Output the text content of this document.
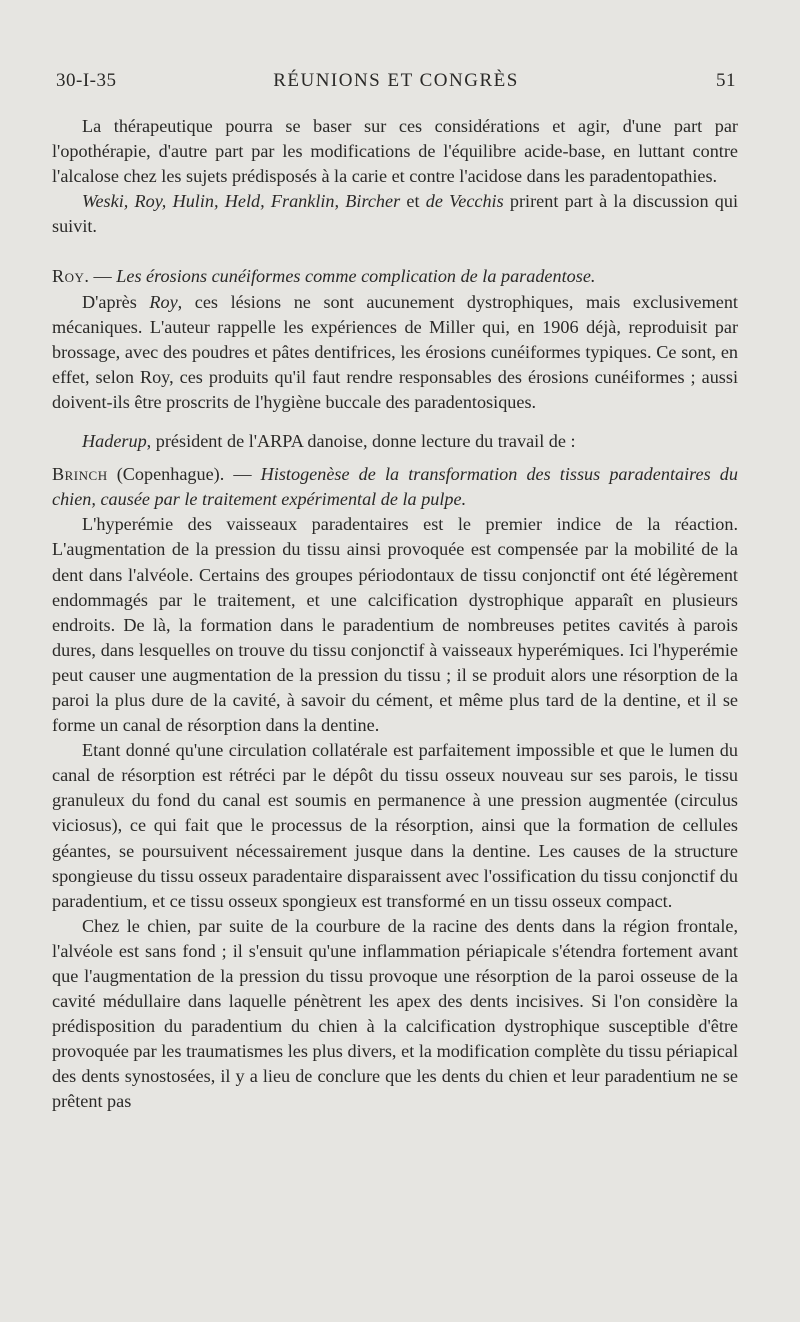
30-I-35	RÉUNIONS ET CONGRÈS	51

La thérapeutique pourra se baser sur ces considérations et agir, d'une part par l'opothérapie, d'autre part par les modifications de l'équilibre acide-base, en luttant contre l'alcalose chez les sujets prédisposés à la carie et contre l'acidose dans les paradentopathies.

Weski, Roy, Hulin, Held, Franklin, Bircher et de Vecchis prirent part à la discussion qui suivit.

Roy. — Les érosions cunéiformes comme complication de la paradentose.

D'après Roy, ces lésions ne sont aucunement dystrophiques, mais exclusivement mécaniques. L'auteur rappelle les expériences de Miller qui, en 1906 déjà, reproduisit par brossage, avec des poudres et pâtes dentifrices, les érosions cunéiformes typiques. Ce sont, en effet, selon Roy, ces produits qu'il faut rendre responsables des érosions cunéiformes ; aussi doivent-ils être proscrits de l'hygiène buccale des paradentosiques.

Haderup, président de l'ARPA danoise, donne lecture du travail de :

Brinch (Copenhague). — Histogenèse de la transformation des tissus paradentaires du chien, causée par le traitement expérimental de la pulpe.

L'hyperémie des vaisseaux paradentaires est le premier indice de la réaction. L'augmentation de la pression du tissu ainsi provoquée est compensée par la mobilité de la dent dans l'alvéole. Certains des groupes périodontaux de tissu conjonctif ont été légèrement endommagés par le traitement, et une calcification dystrophique apparaît en plusieurs endroits. De là, la formation dans le paradentium de nombreuses petites cavités à parois dures, dans lesquelles on trouve du tissu conjonctif à vaisseaux hyperémiques. Ici l'hyperémie peut causer une augmentation de la pression du tissu ; il se produit alors une résorption de la paroi la plus dure de la cavité, à savoir du cément, et même plus tard de la dentine, et il se forme un canal de résorption dans la dentine.

Etant donné qu'une circulation collatérale est parfaitement impossible et que le lumen du canal de résorption est rétréci par le dépôt du tissu osseux nouveau sur ses parois, le tissu granuleux du fond du canal est soumis en permanence à une pression augmentée (circulus viciosus), ce qui fait que le processus de la résorption, ainsi que la formation de cellules géantes, se poursuivent nécessairement jusque dans la dentine. Les causes de la structure spongieuse du tissu osseux paradentaire disparaissent avec l'ossification du tissu conjonctif du paradentium, et ce tissu osseux spongieux est transformé en un tissu osseux compact.

Chez le chien, par suite de la courbure de la racine des dents dans la région frontale, l'alvéole est sans fond ; il s'ensuit qu'une inflammation périapicale s'étendra fortement avant que l'augmentation de la pression du tissu provoque une résorption de la paroi osseuse de la cavité médullaire dans laquelle pénètrent les apex des dents incisives. Si l'on considère la prédisposition du paradentium du chien à la calcification dystrophique susceptible d'être provoquée par les traumatismes les plus divers, et la modification complète du tissu périapical des dents synostosées, il y a lieu de conclure que les dents du chien et leur paradentium ne se prêtent pas
